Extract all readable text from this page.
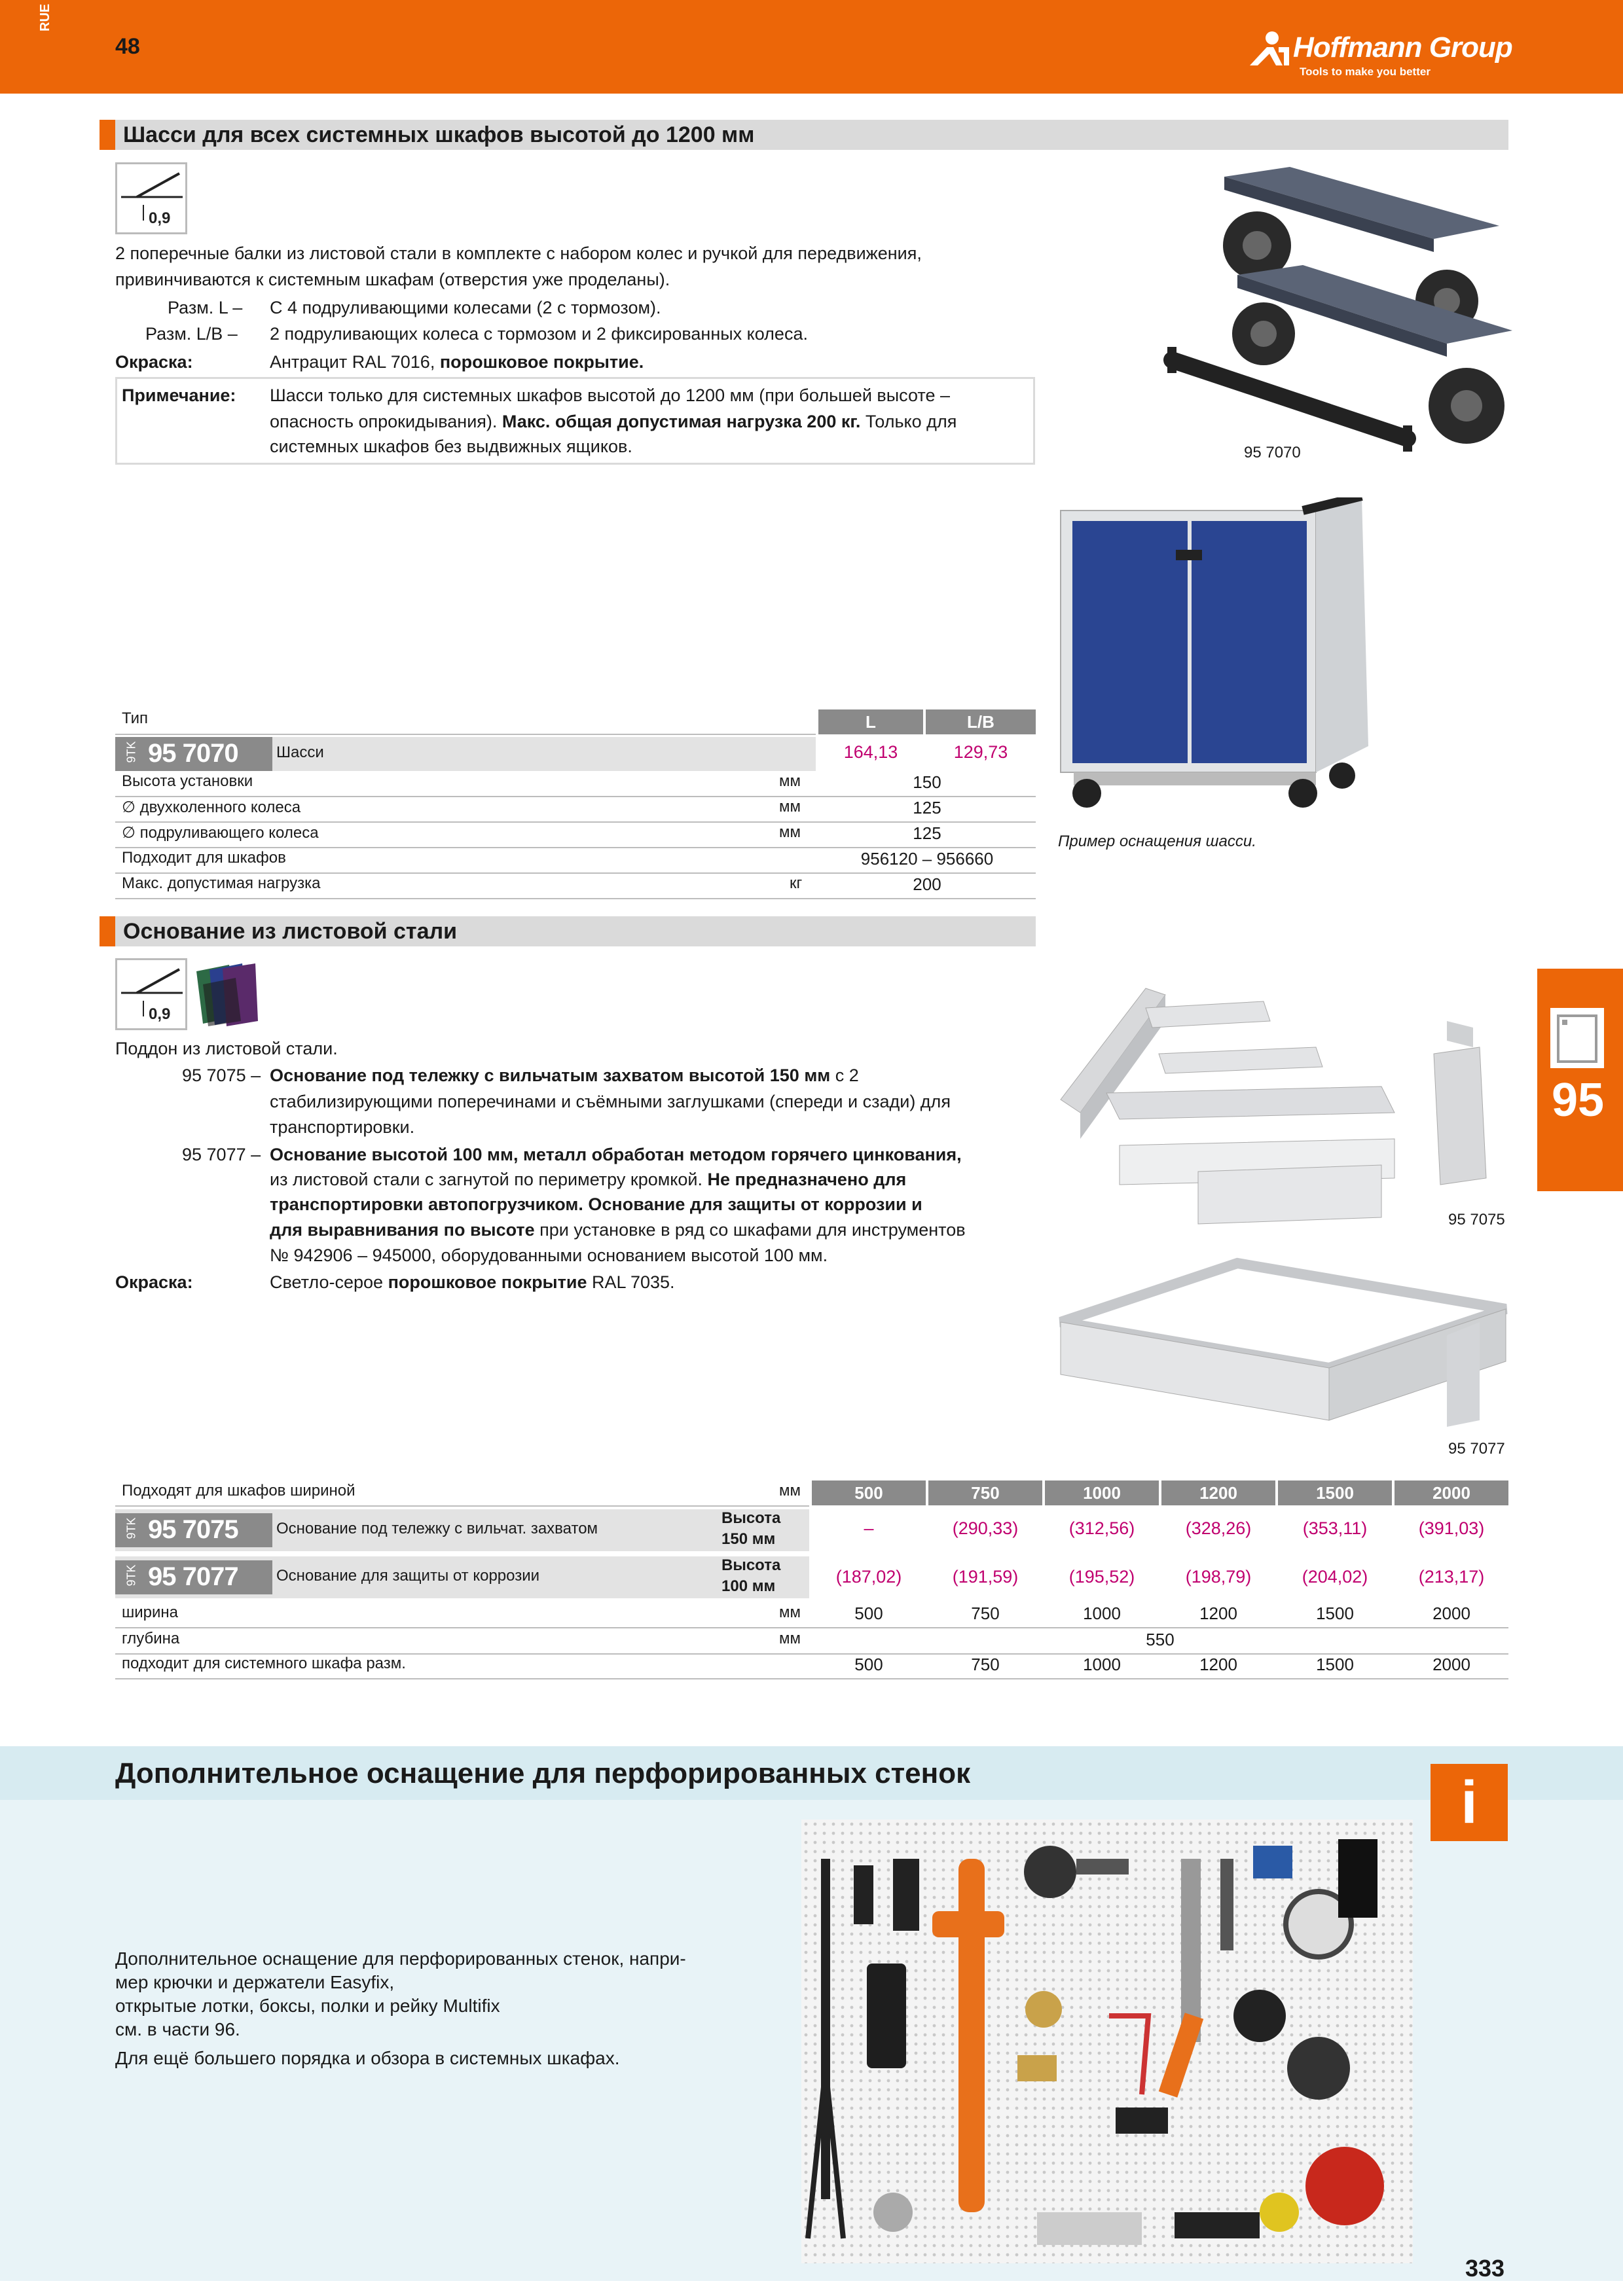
RUE
48	Hoffmann Group
Tools to make you better
Шасси для всех системных шкафов высотой до 1200 мм
0,9
2 поперечные балки из листовой стали в комплекте с набором колес и ручкой для передвижения,
привинчиваются к системным шкафам (отверстия уже проделаны).
Разм. L – С 4 подруливающими колесами (2 с тормозом).
Разм. L/B – 2 подруливающих колеса с тормозом и 2 фиксированных колеса.
Окраска:	Антрацит RAL 7016, порошковое покрытие.
Примечание: Шасси только для системных шкафов высотой до 1200 мм (при большей высоте –
опасность опрокидывания). Макс. общая допустимая нагрузка 200 кг. Только для
системных шкафов без выдвижных ящиков.	95 7070
Пример оснащения шасси.
Тип	L	L/B
9TK 95 7070 Шасси	164,13	129,73
Высота установки	мм	150
∅ двухколенного колеса	мм	125
∅ подруливающего колеса	мм	125
Подходит для шкафов	956120 – 956660
Макс. допустимая нагрузка	кг	200
Основание из листовой стали
0,9
Поддон из листовой стали.
95 7075 – Основание под тележку с вильчатым захватом высотой 150 мм с 2
стабилизирующими поперечинами и съёмными заглушками (спереди и сзади) для
транспортировки.
95 7077 – Основание высотой 100 мм, металл обработан методом горячего цинкования,
из листовой стали с загнутой по периметру кромкой. Не предназначено для
транспортировки автопогрузчиком. Основание для защиты от коррозии и
для выравнивания по высоте при установке в ряд со шкафами для инструментов
№ 942906 – 945000, оборудованными основанием высотой 100 мм.
Окраска:	Светло-серое порошковое покрытие RAL 7035.
95 7075
95 7077
95
Подходят для шкафов шириной	мм	500	750	1000	1200	1500	2000
9TK 95 7075 Основание под тележку с вильчат. захватом
Высота
150 мм
–	(290,33)	(312,56)	(328,26)	(353,11)	(391,03)
9TK 95 7077 Основание для защиты от коррозии
Высота
100 мм	(187,02)	(191,59)	(195,52)	(198,79)	(204,02)	(213,17)
ширина	мм	500	750	1000	1200	1500	2000
глубина	мм	550
подходит для системного шкафа разм.	500	750	1000	1200	1500	2000
Дополнительное оснащение для перфорированных стенок	i
Дополнительное оснащение для перфорированных стенок, напри-
мер крючки и держатели Easyfix,
открытые лотки, боксы, полки и рейку Multifix
см. в части 96.
Для ещё большего порядка и обзора в системных шкафах.
333
